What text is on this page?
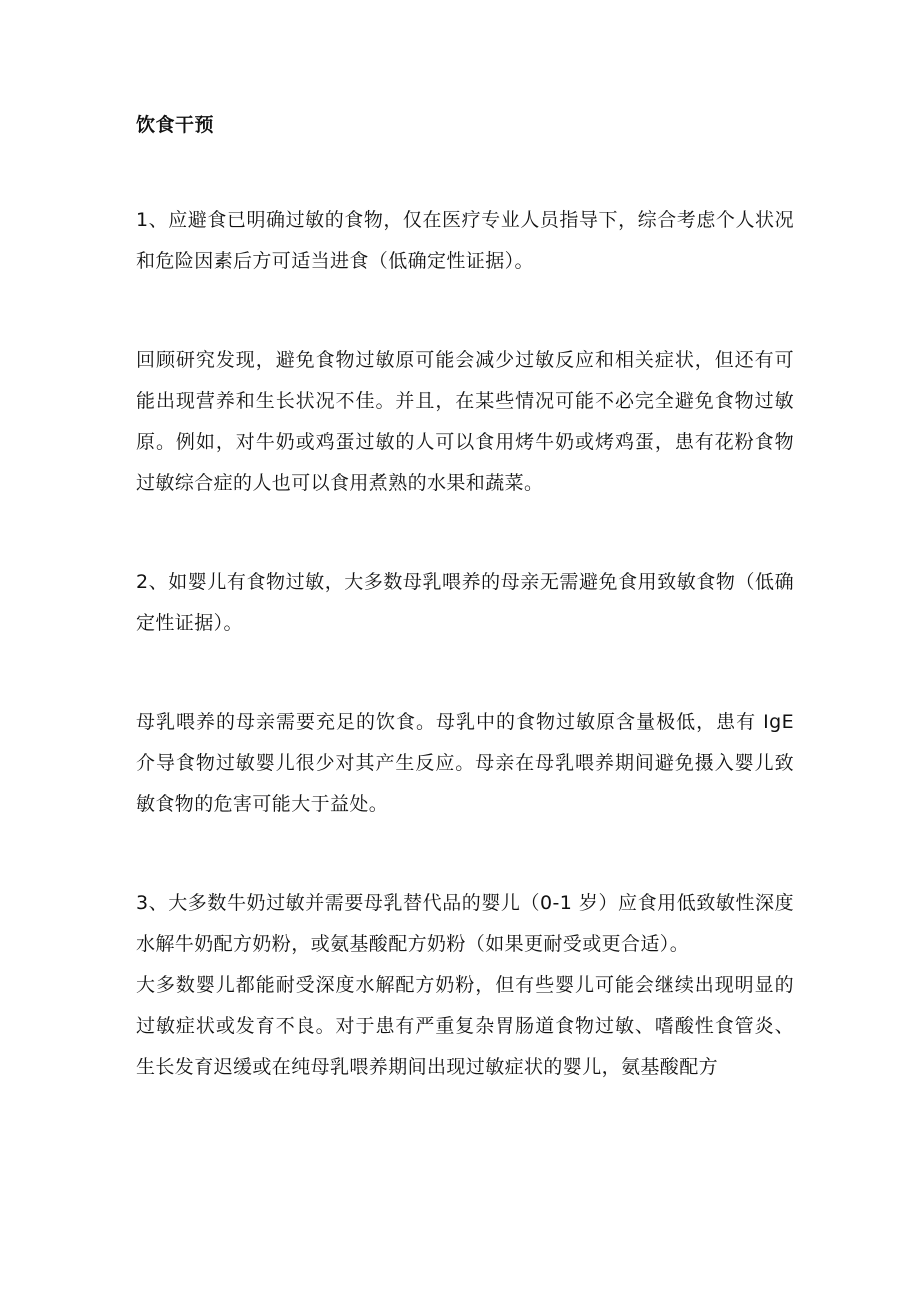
饮食干预

1、应避食已明确过敏的食物，仅在医疗专业人员指导下，综合考虑个人状况和危险因素后方可适当进食（低确定性证据）。

回顾研究发现，避免食物过敏原可能会减少过敏反应和相关症状，但还有可能出现营养和生长状况不佳。并且，在某些情况可能不必完全避免食物过敏原。例如，对牛奶或鸡蛋过敏的人可以食用烤牛奶或烤鸡蛋，患有花粉食物过敏综合症的人也可以食用煮熟的水果和蔬菜。

2、如婴儿有食物过敏，大多数母乳喂养的母亲无需避免食用致敏食物（低确定性证据）。

母乳喂养的母亲需要充足的饮食。母乳中的食物过敏原含量极低，患有 IgE 介导食物过敏婴儿很少对其产生反应。母亲在母乳喂养期间避免摄入婴儿致敏食物的危害可能大于益处。

3、大多数牛奶过敏并需要母乳替代品的婴儿（0-1 岁）应食用低致敏性深度水解牛奶配方奶粉，或氨基酸配方奶粉（如果更耐受或更合适）。

大多数婴儿都能耐受深度水解配方奶粉，但有些婴儿可能会继续出现明显的过敏症状或发育不良。对于患有严重复杂胃肠道食物过敏、嗜酸性食管炎、生长发育迟缓或在纯母乳喂养期间出现过敏症状的婴儿，氨基酸配方
